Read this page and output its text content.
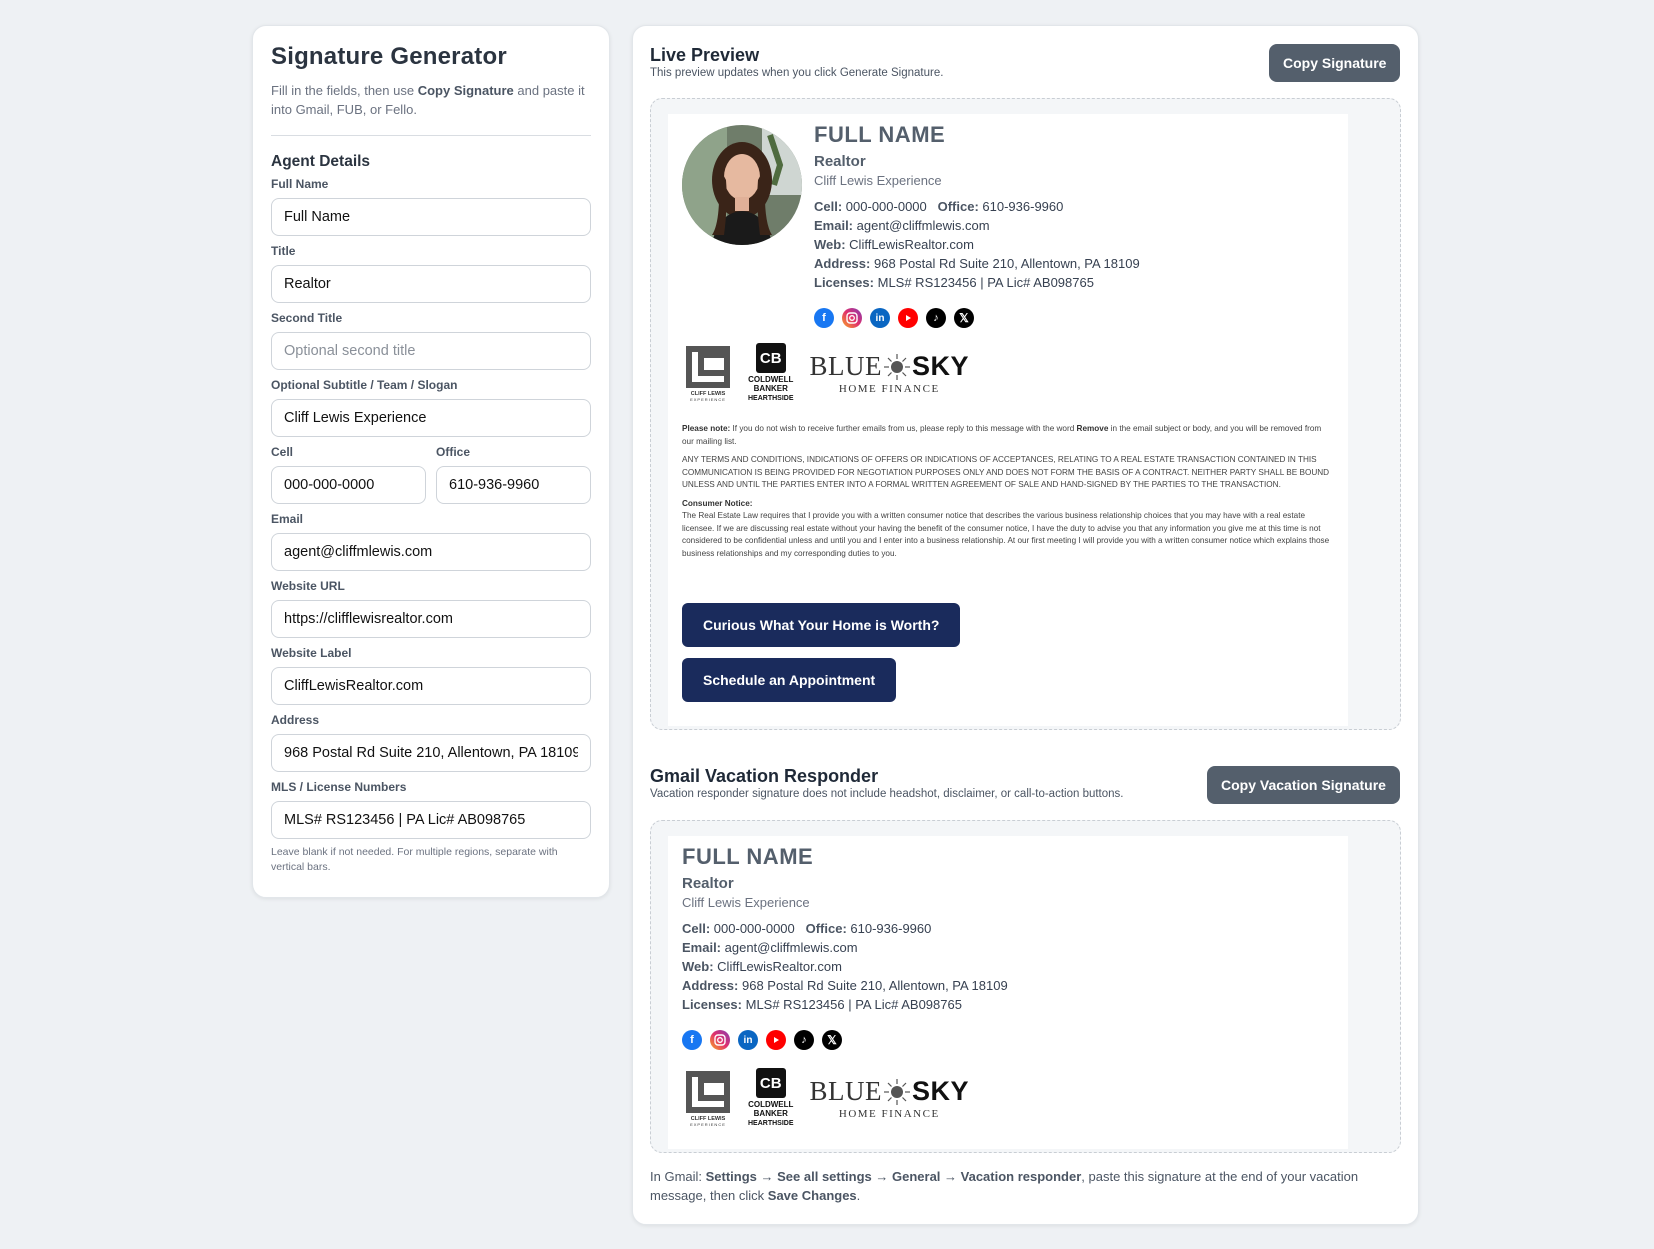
Signature Generator

Fill in the fields, then use Copy Signature and paste it into Gmail, FUB, or Fello.

Agent Details
Full Name
Full Name
Title
Realtor
Second Title
Optional second title
Optional Subtitle / Team / Slogan
Cliff Lewis Experience
Cell
000-000-0000	Office
610-936-9960
Email
agent@cliffmlewis.com
Website URL
https://clifflewisrealtor.com
Website Label
CliffLewisRealtor.com
Address
968 Postal Rd Suite 210, Allentown, PA 18109
MLS / License Numbers
MLS# RS123456 | PA Lic# AB098765

Leave blank if not needed. For multiple regions, separate with vertical bars.

Live Preview
This preview updates when you click Generate Signature.
Copy Signature
FULL NAME
Realtor
Cliff Lewis Experience
Cell: 000-000-0000 Office: 610-936-9960
Email: agent@cliffmlewis.com
Web: CliffLewisRealtor.com
Address: 968 Postal Rd Suite 210, Allentown, PA 18109
Licenses: MLS# RS123456 | PA Lic# AB098765
f	in	♪	𝕏
CLIFF LEWIS
EXPERIENCE
CB
COLDWELL
BANKER
HEARTHSIDE
BLUE SKY
HOME FINANCE

Please note: If you do not wish to receive further emails from us, please reply to this message with the word Remove in the email subject or body, and you will be removed from our mailing list.

ANY TERMS AND CONDITIONS, INDICATIONS OF OFFERS OR INDICATIONS OF ACCEPTANCES, RELATING TO A REAL ESTATE TRANSACTION CONTAINED IN THIS COMMUNICATION IS BEING PROVIDED FOR NEGOTIATION PURPOSES ONLY AND DOES NOT FORM THE BASIS OF A CONTRACT. NEITHER PARTY SHALL BE BOUND UNLESS AND UNTIL THE PARTIES ENTER INTO A FORMAL WRITTEN AGREEMENT OF SALE AND HAND-SIGNED BY THE PARTIES TO THE TRANSACTION.

Consumer Notice:
The Real Estate Law requires that I provide you with a written consumer notice that describes the various business relationship choices that you may have with a real estate licensee. If we are discussing real estate without your having the benefit of the consumer notice, I have the duty to advise you that any information you give me at this time is not considered to be confidential unless and until you and I enter into a business relationship. At our first meeting I will provide you with a written consumer notice which explains those business relationships and my corresponding duties to you.
Curious What Your Home is Worth?
Schedule an Appointment
Gmail Vacation Responder
Vacation responder signature does not include headshot, disclaimer, or call-to-action buttons.
Copy Vacation Signature
FULL NAME
Realtor
Cliff Lewis Experience
Cell: 000-000-0000 Office: 610-936-9960
Email: agent@cliffmlewis.com
Web: CliffLewisRealtor.com
Address: 968 Postal Rd Suite 210, Allentown, PA 18109
Licenses: MLS# RS123456 | PA Lic# AB098765
f	in	♪	𝕏
CLIFF LEWIS
EXPERIENCE
CB
COLDWELL
BANKER
HEARTHSIDE
BLUE SKY
HOME FINANCE

In Gmail: Settings → See all settings → General → Vacation responder, paste this signature at the end of your vacation message, then click Save Changes.
